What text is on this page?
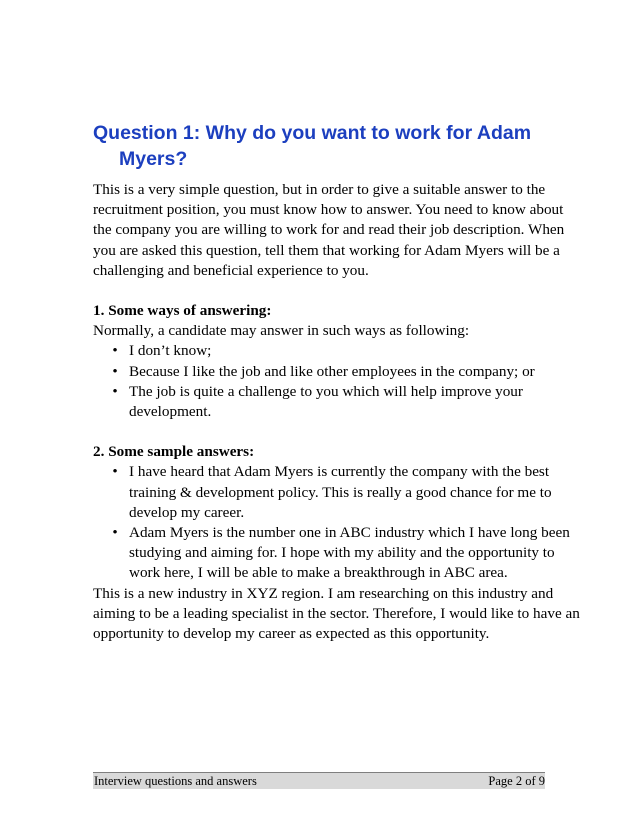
Question 1: Why do you want to work for Adam Myers?

This is a very simple question, but in order to give a suitable answer to the recruitment position, you must know how to answer. You need to know about the company you are willing to work for and read their job description. When you are asked this question, tell them that working for Adam Myers will be a challenging and beneficial experience to you.

1. Some ways of answering:

Normally, a candidate may answer in such ways as following:

• I don’t know;
• Because I like the job and like other employees in the company; or
• The job is quite a challenge to you which will help improve your development.

2. Some sample answers:

• I have heard that Adam Myers is currently the company with the best training & development policy. This is really a good chance for me to develop my career.
• Adam Myers is the number one in ABC industry which I have long been studying and aiming for. I hope with my ability and the opportunity to work here, I will be able to make a breakthrough in ABC area.

This is a new industry in XYZ region. I am researching on this industry and aiming to be a leading specialist in the sector. Therefore, I would like to have an opportunity to develop my career as expected as this opportunity.

Interview questions and answers	Page 2 of 9
